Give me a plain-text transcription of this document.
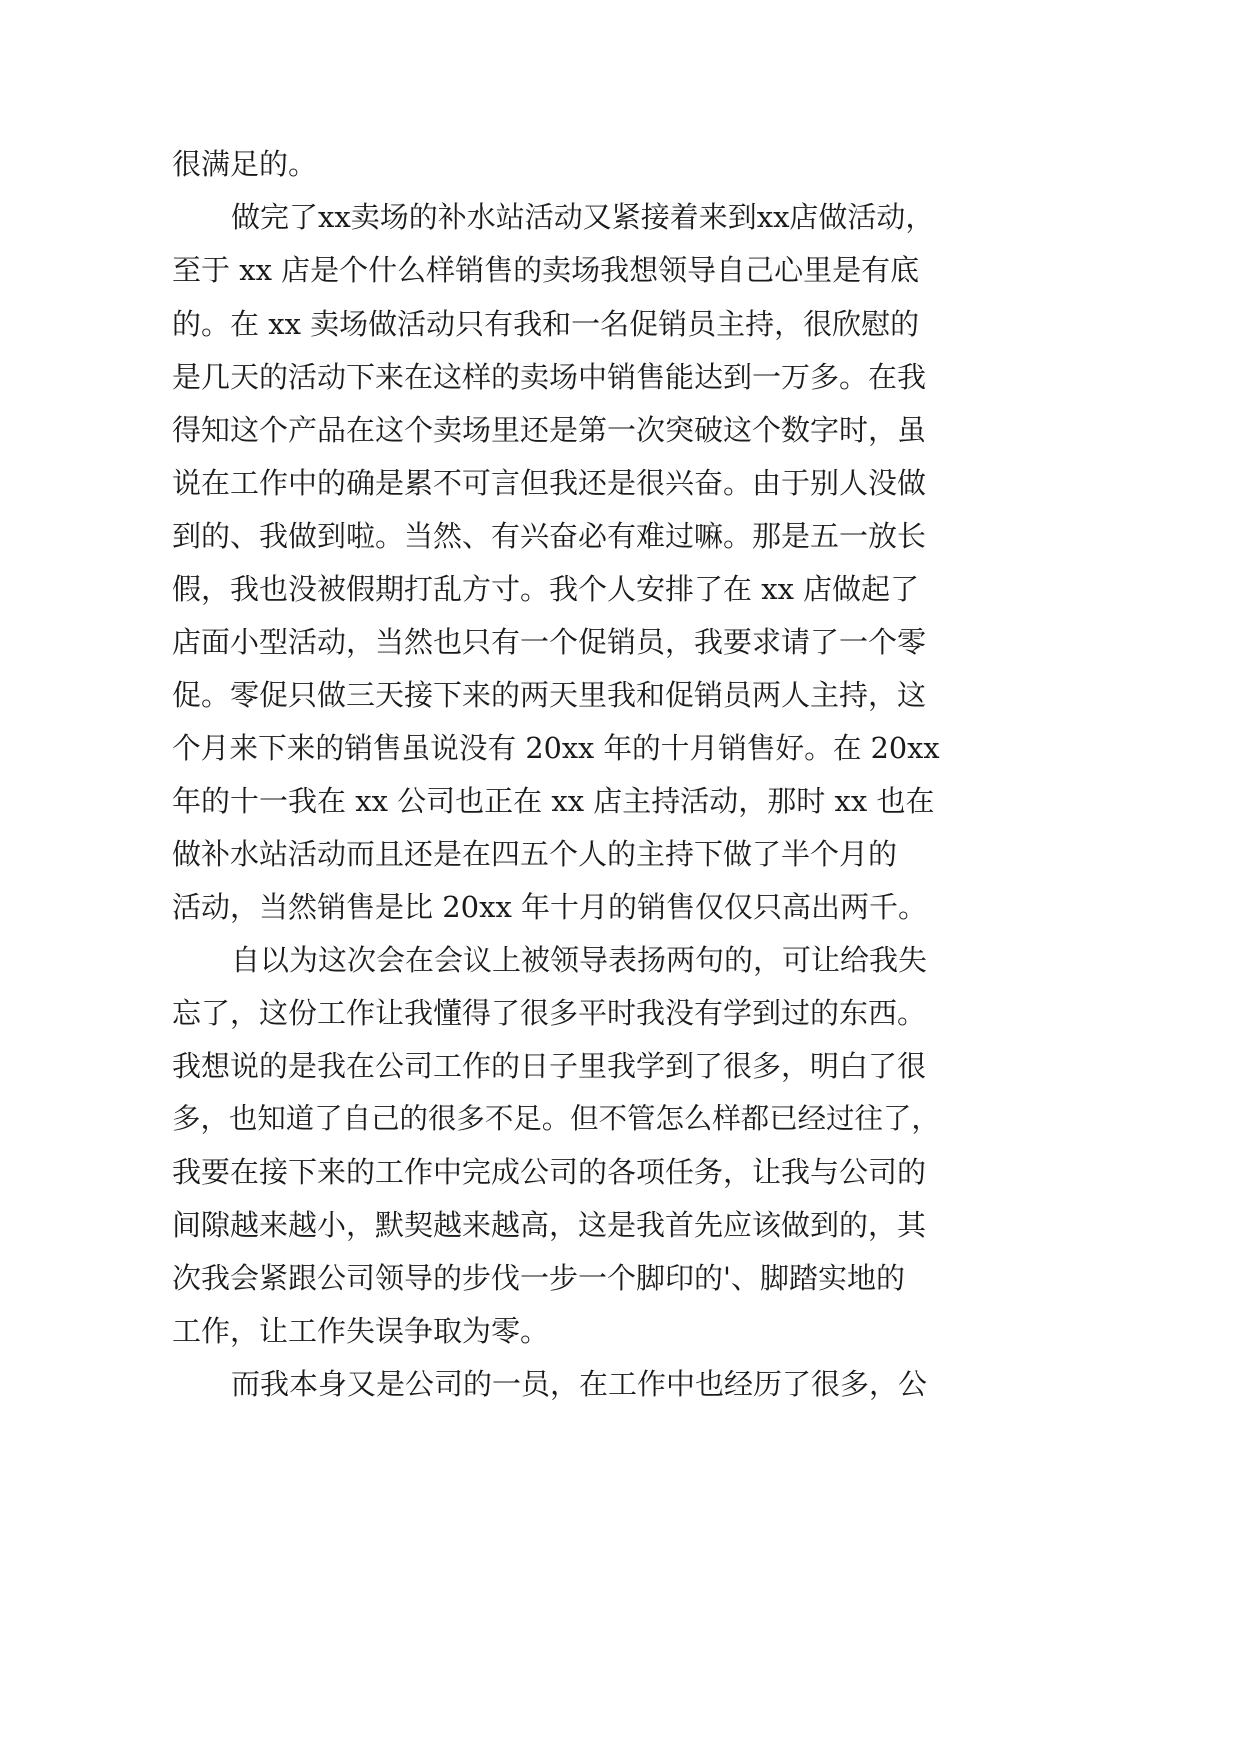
很满足的。
做完了xx卖场的补水站活动又紧接着来到xx店做活动，
至于 xx 店是个什么样销售的卖场我想领导自己心里是有底
的。在 xx 卖场做活动只有我和一名促销员主持，很欣慰的
是几天的活动下来在这样的卖场中销售能达到一万多。在我
得知这个产品在这个卖场里还是第一次突破这个数字时，虽
说在工作中的确是累不可言但我还是很兴奋。由于别人没做
到的、我做到啦。当然、有兴奋必有难过嘛。那是五一放长
假，我也没被假期打乱方寸。我个人安排了在 xx 店做起了
店面小型活动，当然也只有一个促销员，我要求请了一个零
促。零促只做三天接下来的两天里我和促销员两人主持，这
个月来下来的销售虽说没有 20xx 年的十月销售好。在 20xx
年的十一我在 xx 公司也正在 xx 店主持活动，那时 xx 也在
做补水站活动而且还是在四五个人的主持下做了半个月的
活动，当然销售是比 20xx 年十月的销售仅仅只高出两千。
自以为这次会在会议上被领导表扬两句的，可让给我失
忘了，这份工作让我懂得了很多平时我没有学到过的东西。
我想说的是我在公司工作的日子里我学到了很多，明白了很
多，也知道了自己的很多不足。但不管怎么样都已经过往了，
我要在接下来的工作中完成公司的各项任务，让我与公司的
间隙越来越小，默契越来越高，这是我首先应该做到的，其
次我会紧跟公司领导的步伐一步一个脚印的'、脚踏实地的
工作，让工作失误争取为零。
而我本身又是公司的一员，在工作中也经历了很多，公
